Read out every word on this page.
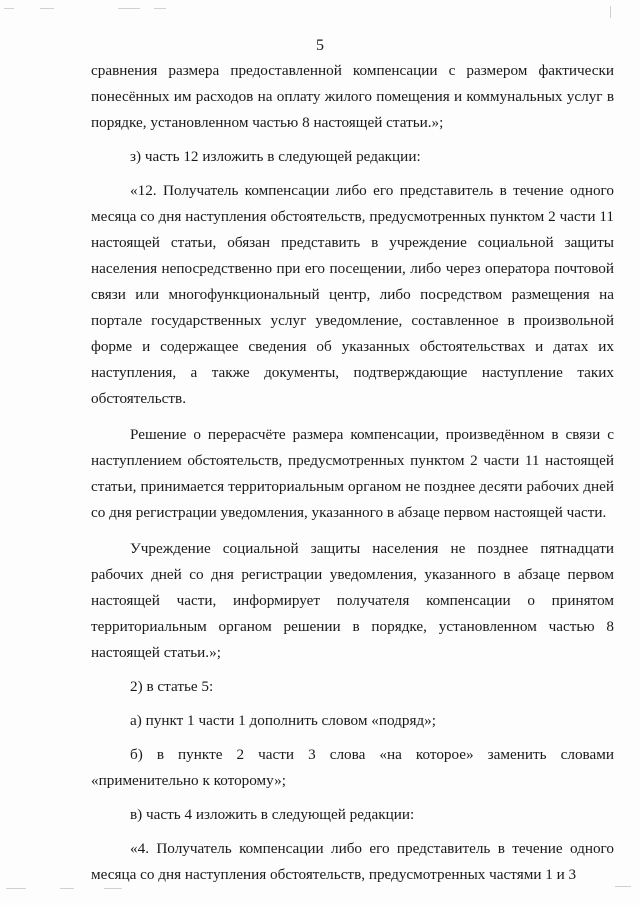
5

сравнения размера предоставленной компенсации с размером фактически понесённых им расходов на оплату жилого помещения и коммунальных услуг в порядке, установленном частью 8 настоящей статьи.»;

з) часть 12 изложить в следующей редакции:

«12. Получатель компенсации либо его представитель в течение одного месяца со дня наступления обстоятельств, предусмотренных пунктом 2 части 11 настоящей статьи, обязан представить в учреждение социальной защиты населения непосредственно при его посещении, либо через оператора почтовой связи или многофункциональный центр, либо посредством размещения на портале государственных услуг уведомление, составленное в произвольной форме и содержащее сведения об указанных обстоятельствах и датах их наступления, а также документы, подтверждающие наступление таких обстоятельств.

Решение о перерасчёте размера компенсации, произведённом в связи с наступлением обстоятельств, предусмотренных пунктом 2 части 11 настоящей статьи, принимается территориальным органом не позднее десяти рабочих дней со дня регистрации уведомления, указанного в абзаце первом настоящей части.

Учреждение социальной защиты населения не позднее пятнадцати рабочих дней со дня регистрации уведомления, указанного в абзаце первом настоящей части, информирует получателя компенсации о принятом территориальным органом решении в порядке, установленном частью 8 настоящей статьи.»;

2) в статье 5:

а) пункт 1 части 1 дополнить словом «подряд»;

б) в пункте 2 части 3 слова «на которое» заменить словами «применительно к которому»;

в) часть 4 изложить в следующей редакции:

«4. Получатель компенсации либо его представитель в течение одного месяца со дня наступления обстоятельств, предусмотренных частями 1 и 3
